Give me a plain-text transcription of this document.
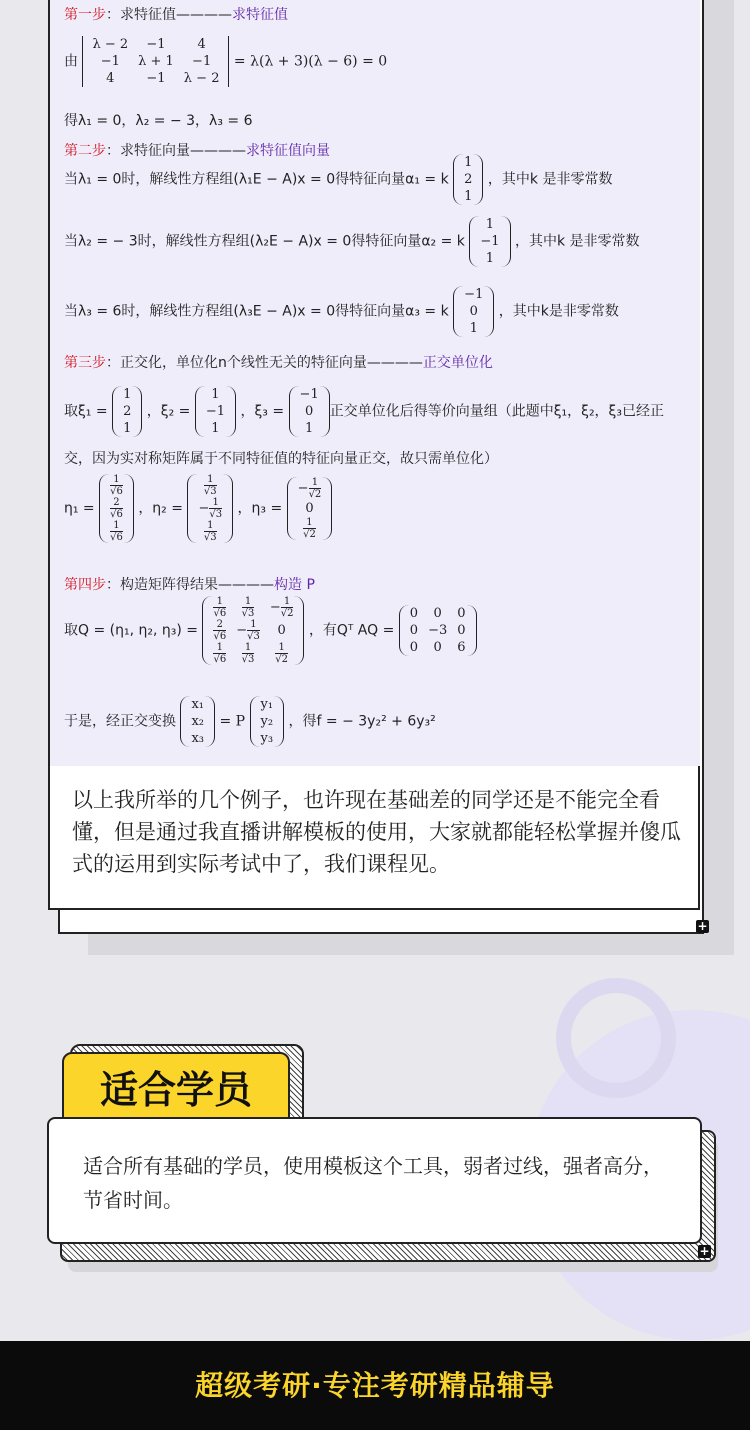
第一步：求特征值————求特征值
由
λ − 2	−1	4
−1	λ + 1	−1
4	−1	λ − 2
= λ(λ + 3)(λ − 6) = 0
得λ₁ = 0，λ₂ = − 3，λ₃ = 6
第二步：求特征向量————求特征值向量
当λ₁ = 0时，解线性方程组(λ₁E − A)x = 0得特征向量α₁ = k
1
2
1
，其中k 是非零常数
当λ₂ = − 3时，解线性方程组(λ₂E − A)x = 0得特征向量α₂ = k
1
−1
1
，其中k 是非零常数
当λ₃ = 6时，解线性方程组(λ₃E − A)x = 0得特征向量α₃ = k
−1
0
1
，其中k是非零常数
第三步：正交化，单位化n个线性无关的特征向量————正交单位化
取ξ₁ =
1
2
1
，ξ₂ =
1
−1
1
，ξ₃ =
−1
0
1
正交单位化后得等价向量组（此题中ξ₁，ξ₂，ξ₃已经正
交，因为实对称矩阵属于不同特征值的特征向量正交，故只需单位化）
η₁ =
$\frac{1}{√6}$

$\frac{2}{√6}$

$\frac{1}{√6}$
，η₂ =
$\frac{1}{√3}$

− $\frac{1}{√3}$

$\frac{1}{√3}$
，η₃ =
− $\frac{1}{√2}$

0

$\frac{1}{√2}$
第四步：构造矩阵得结果————构造 P
取Q = (η₁, η₂, η₃) =
$\frac{1}{√6}$	$\frac{1}{√3}$	− $\frac{1}{√2}$

$\frac{2}{√6}$	− $\frac{1}{√3}$	0

$\frac{1}{√6}$	$\frac{1}{√3}$	$\frac{1}{√2}$
，有Qᵀ AQ =
0	0	0
0	−3	0
0	0	6
于是，经正交变换
x₁
x₂
x₃
= P
y₁
y₂
y₃
，得f = − 3y₂² + 6y₃²
以上我所举的几个例子，也许现在基础差的同学还是不能完全看懂，但是通过我直播讲解模板的使用，大家就都能轻松掌握并傻瓜式的运用到实际考试中了，我们课程见。
+
适合学员
适合所有基础的学员，使用模板这个工具，弱者过线，强者高分，节省时间。
+
超级考研·专注考研精品辅导
